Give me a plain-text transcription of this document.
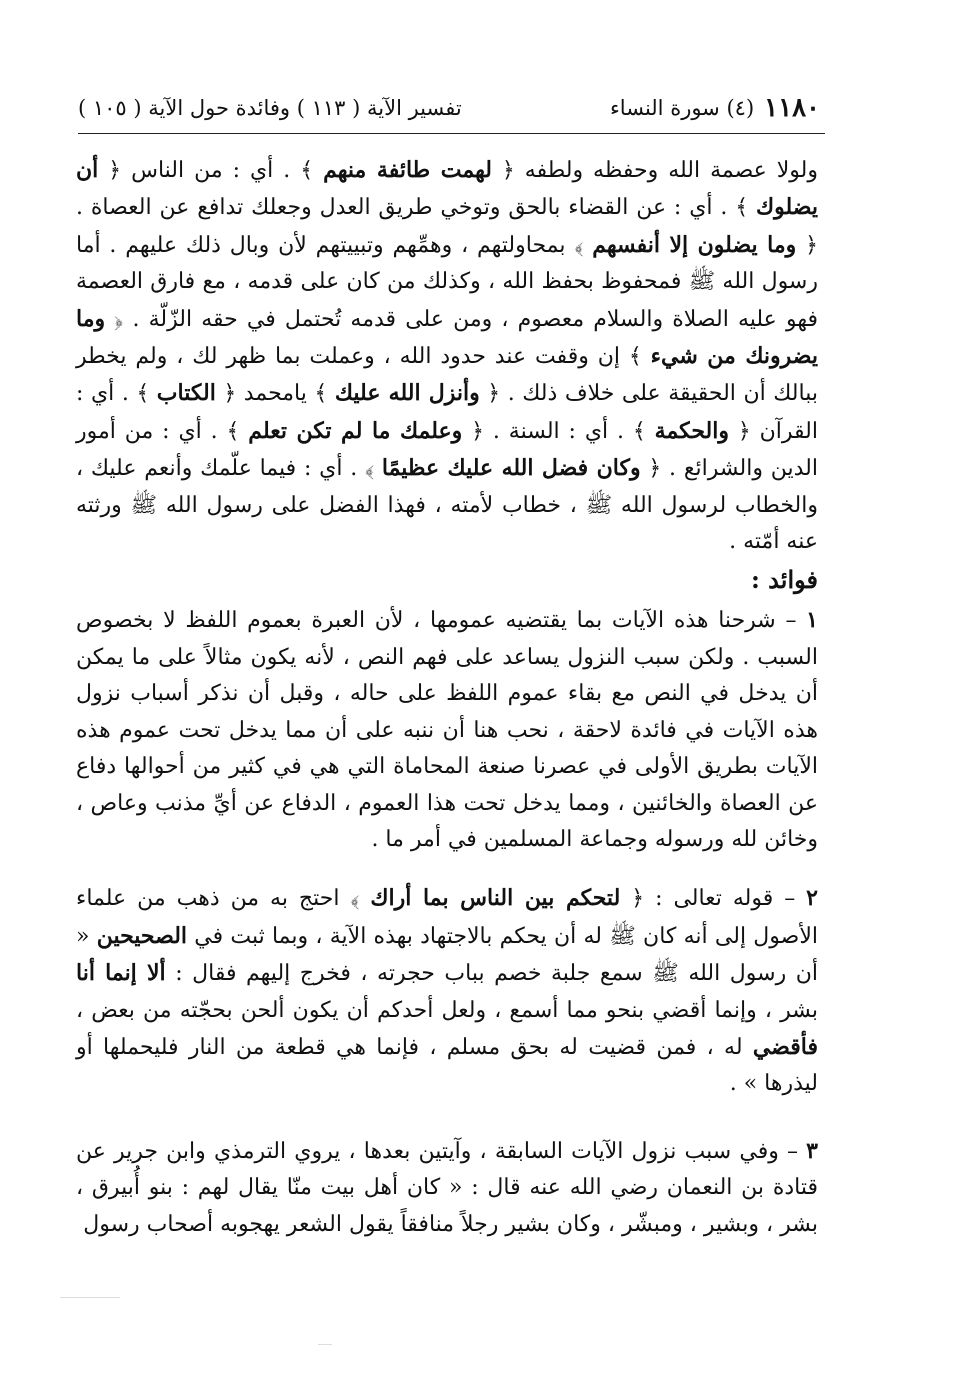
١١٨٠
(٤) سورة النساء
تفسير الآية ( ١١٣ ) وفائدة حول الآية ( ١٠٥ )

ولولا عصمة الله وحفظه ولطفه ﴿ لهمت طائفة منهم ﴾ . أي : من الناس ﴿ أن يضلوك ﴾ . أي : عن القضاء بالحق وتوخي طريق العدل وجعلك تدافع عن العصاة . ﴿ وما يضلون إلا أنفسهم ﴾ بمحاولتهم ، وهمِّهم وتبييتهم لأن وبال ذلك عليهم . أما رسول الله ﷺ فمحفوظ بحفظ الله ، وكذلك من كان على قدمه ، مع فارق العصمة فهو عليه الصلاة والسلام معصوم ، ومن على قدمه تُحتمل في حقه الزّلّة . ﴿ وما يضرونك من شيء ﴾ إن وقفت عند حدود الله ، وعملت بما ظهر لك ، ولم يخطر ببالك أن الحقيقة على خلاف ذلك . ﴿ وأنزل الله عليك ﴾ يامحمد ﴿ الكتاب ﴾ . أي : القرآن ﴿ والحكمة ﴾ . أي : السنة . ﴿ وعلمك ما لم تكن تعلم ﴾ . أي : من أمور الدين والشرائع . ﴿ وكان فضل الله عليك عظيمًا ﴾ . أي : فيما علّمك وأنعم عليك ، والخطاب لرسول الله ﷺ ، خطاب لأمته ، فهذا الفضل على رسول الله ﷺ ورثته عنه أمّته .

فوائد :

١ – شرحنا هذه الآيات بما يقتضيه عمومها ، لأن العبرة بعموم اللفظ لا بخصوص السبب . ولكن سبب النزول يساعد على فهم النص ، لأنه يكون مثالاً على ما يمكن أن يدخل في النص مع بقاء عموم اللفظ على حاله ، وقبل أن نذكر أسباب نزول هذه الآيات في فائدة لاحقة ، نحب هنا أن ننبه على أن مما يدخل تحت عموم هذه الآيات بطريق الأولى في عصرنا صنعة المحاماة التي هي في كثير من أحوالها دفاع عن العصاة والخائنين ، ومما يدخل تحت هذا العموم ، الدفاع عن أيِّ مذنب وعاص ، وخائن لله ورسوله وجماعة المسلمين في أمر ما .

٢ – قوله تعالى : ﴿ لتحكم بين الناس بما أراك ﴾ احتج به من ذهب من علماء الأصول إلى أنه كان ﷺ له أن يحكم بالاجتهاد بهذه الآية ، وبما ثبت في الصحيحين « أن رسول الله ﷺ سمع جلبة خصم بباب حجرته ، فخرج إليهم فقال : ألا إنما أنا بشر ، وإنما أقضي بنحو مما أسمع ، ولعل أحدكم أن يكون ألحن بحجّته من بعض ، فأقضي له ، فمن قضيت له بحق مسلم ، فإنما هي قطعة من النار فليحملها أو ليذرها » .

٣ – وفي سبب نزول الآيات السابقة ، وآيتين بعدها ، يروي الترمذي وابن جرير عن قتادة بن النعمان رضي الله عنه قال : « كان أهل بيت منّا يقال لهم : بنو أُبيرق ، بشر ، وبشير ، ومبشّر ، وكان بشير رجلاً منافقاً يقول الشعر يهجوبه أصحاب رسول
